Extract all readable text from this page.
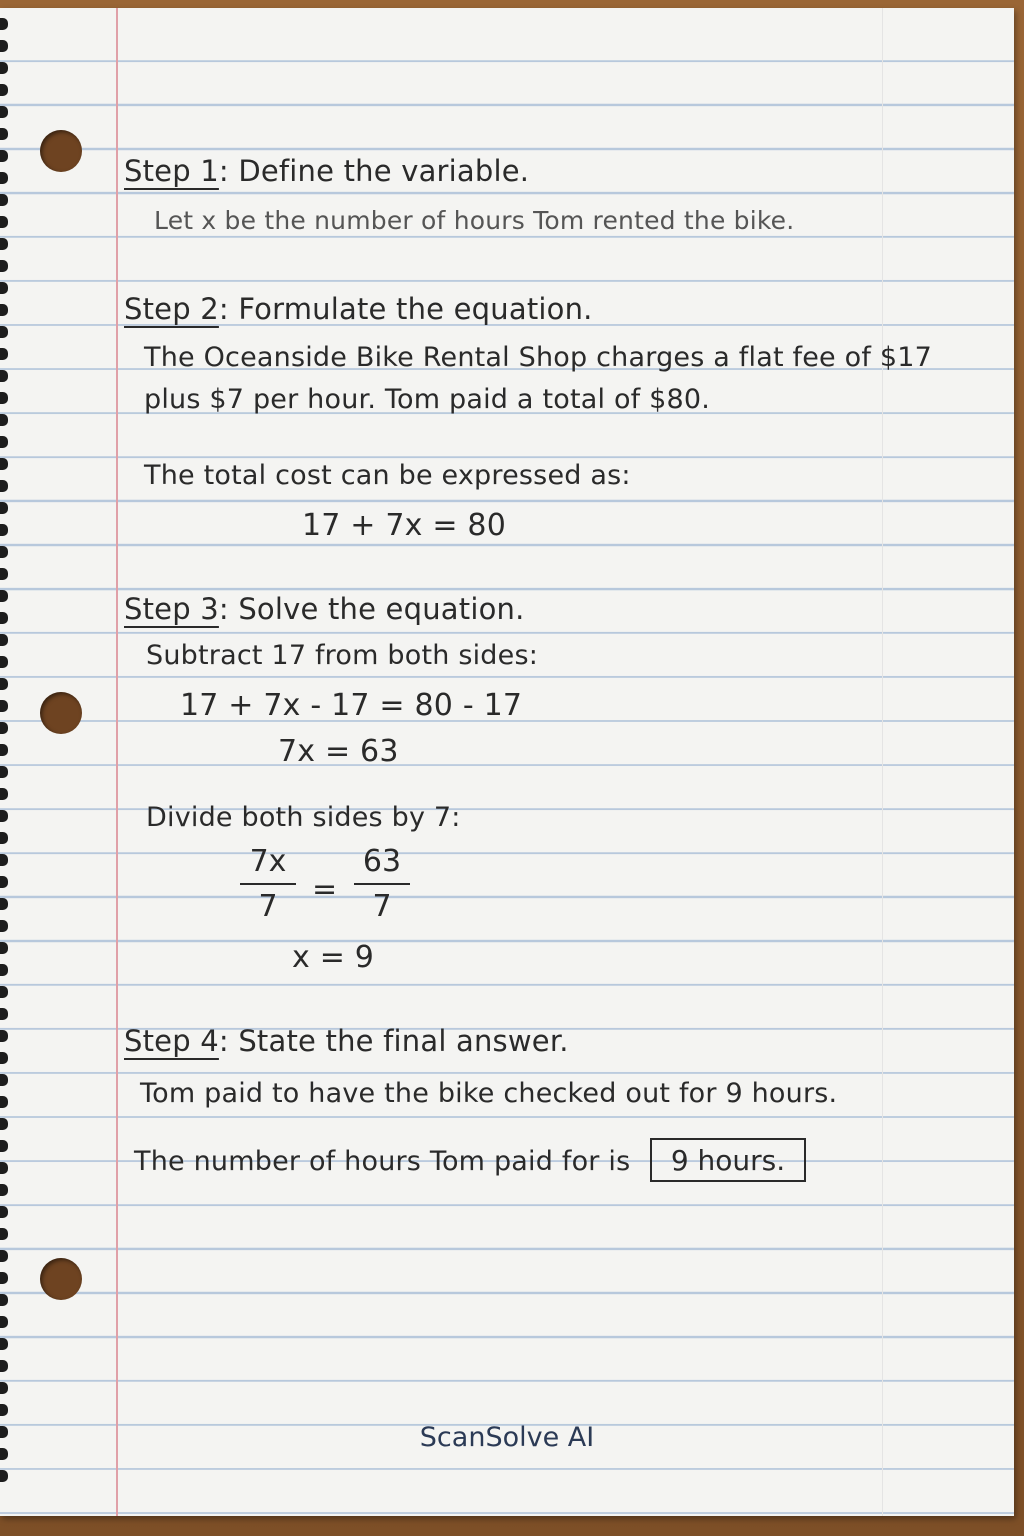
Step 1: Define the variable.
Let x be the number of hours Tom rented the bike.
Step 2: Formulate the equation.
The Oceanside Bike Rental Shop charges a flat fee of $17
plus $7 per hour. Tom paid a total of $80.
The total cost can be expressed as:
17 + 7x = 80
Step 3: Solve the equation.
Subtract 17 from both sides:
17 + 7x - 17 = 80 - 17
7x = 63
Divide both sides by 7:
7x
7 =
63
7
x = 9
Step 4: State the final answer.
Tom paid to have the bike checked out for 9 hours.
The number of hours Tom paid for is 9 hours.
ScanSolve AI
